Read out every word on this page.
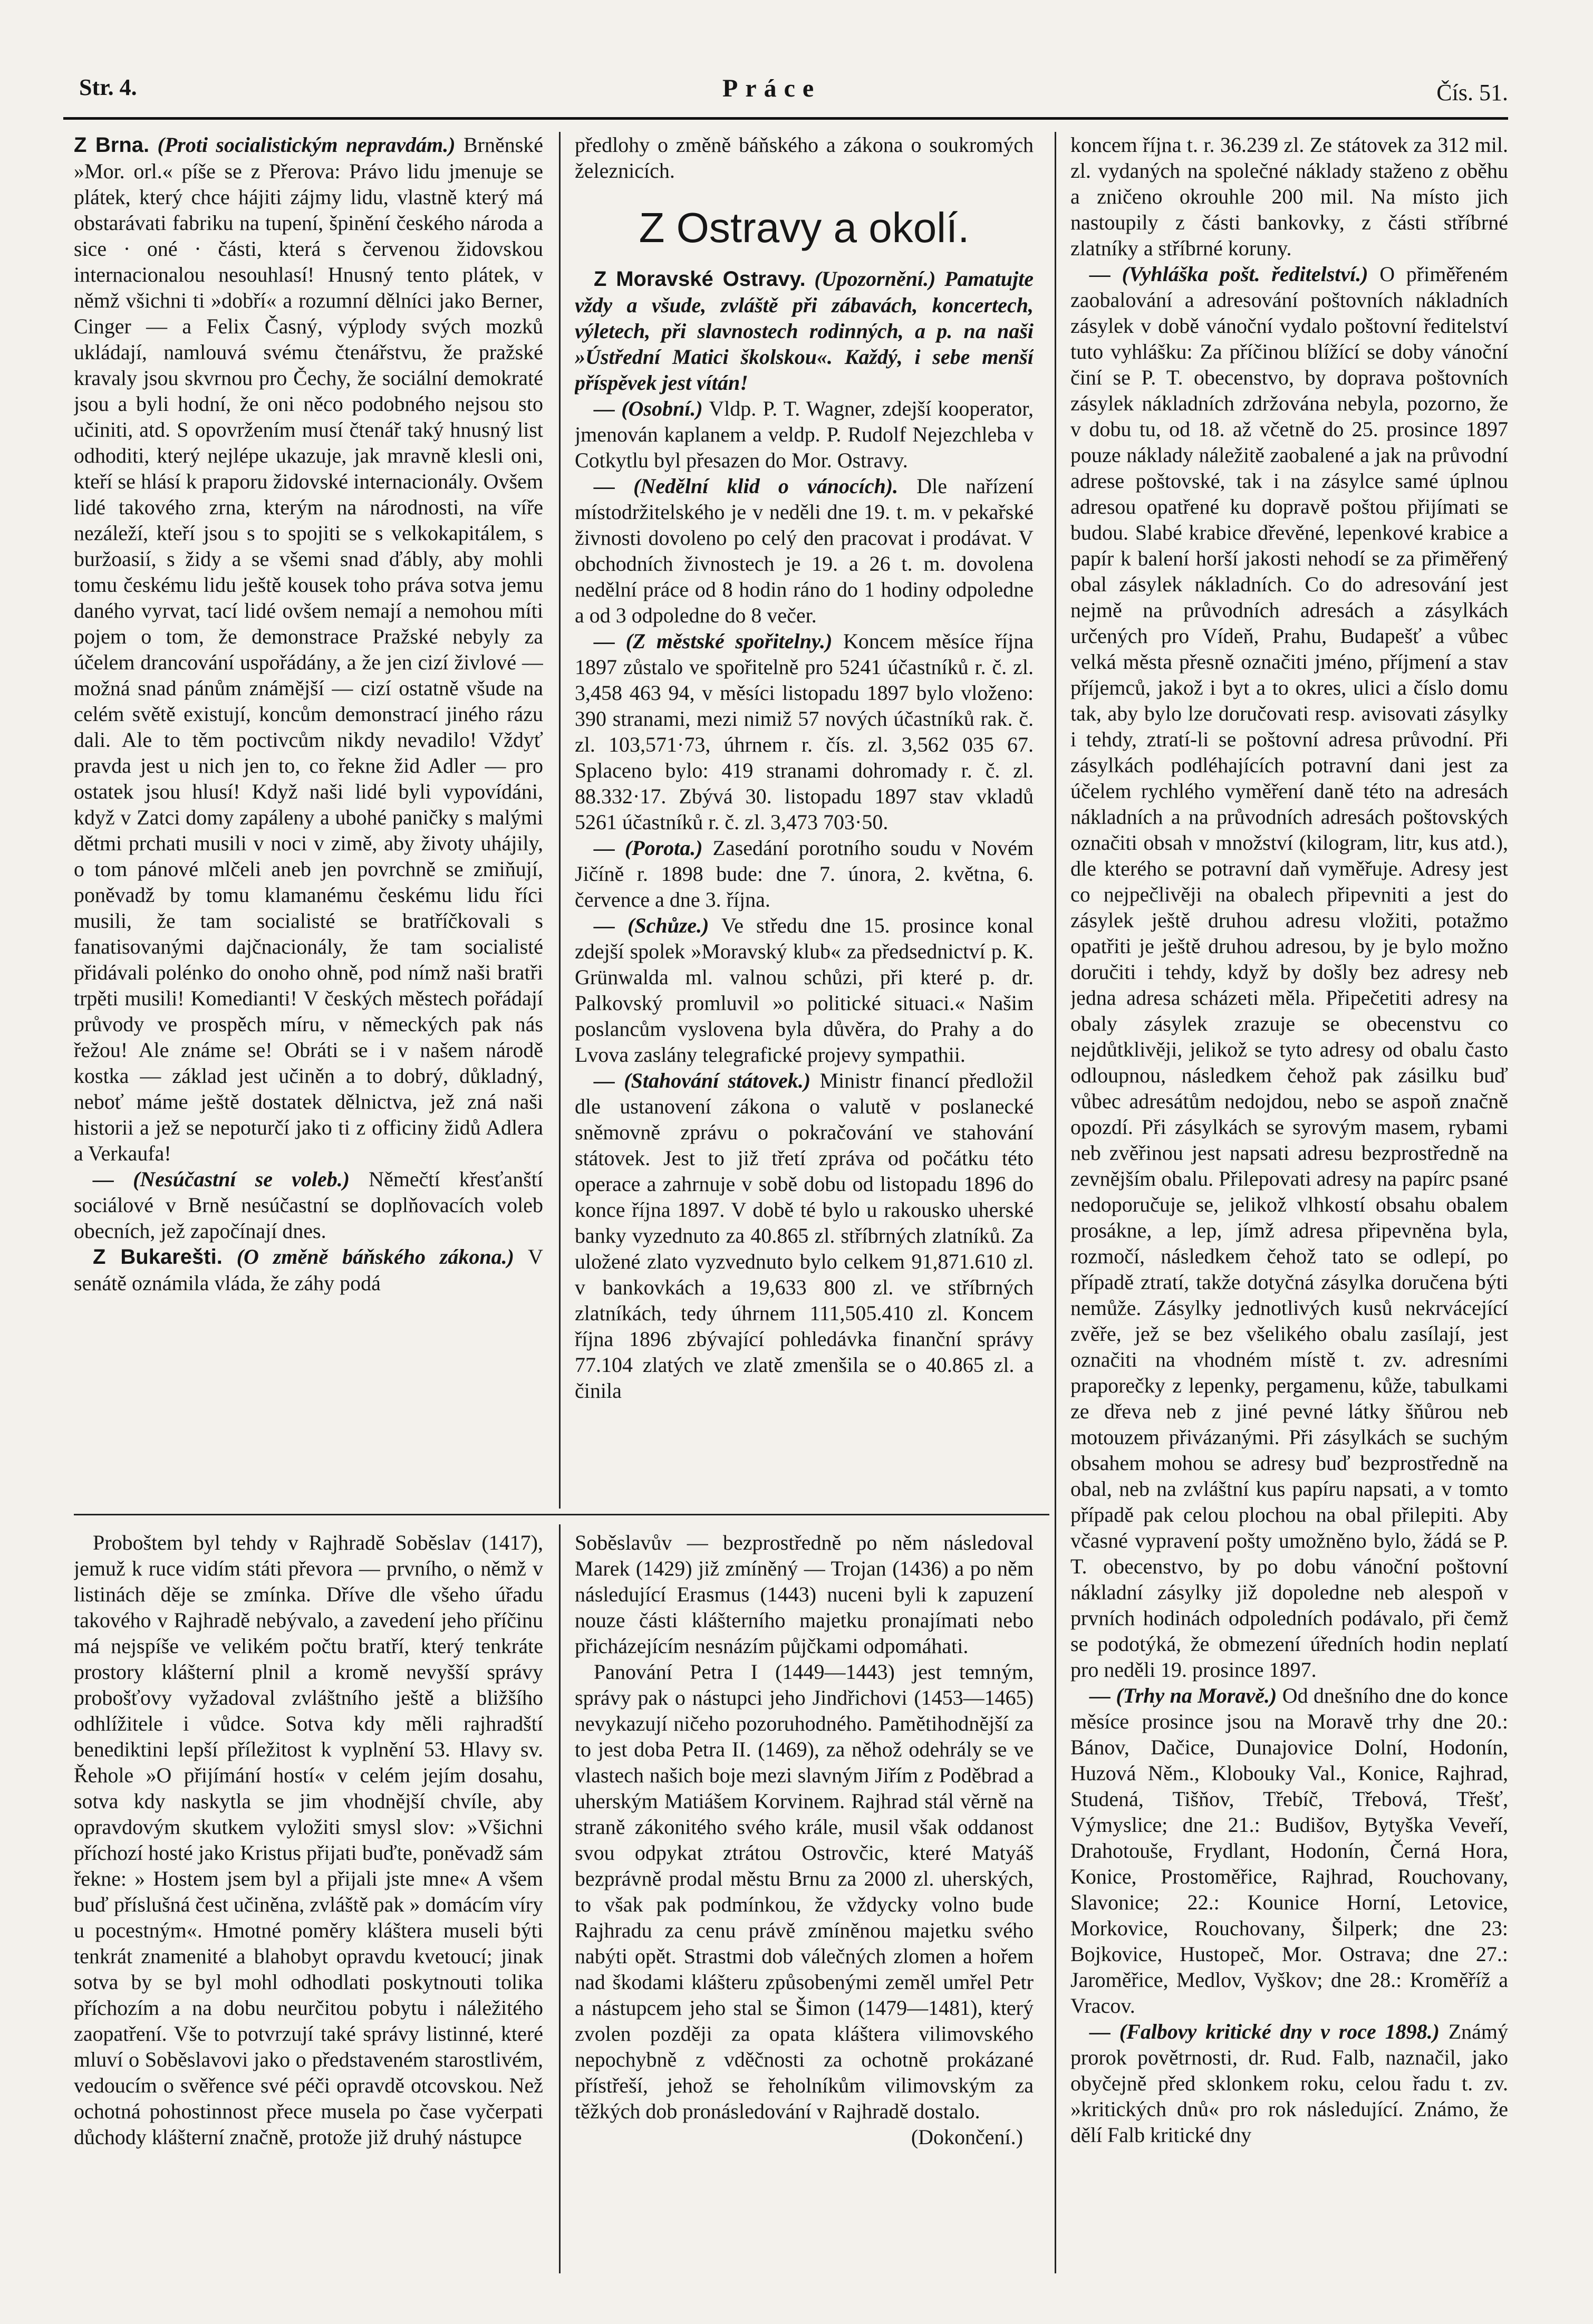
Str. 4.	Práce	Čís. 51.

Z Brna. (Proti socialistickým nepravdám.) Brněnské »Mor. orl.« píše se z Přerova: Právo lidu jmenuje se plátek, který chce hájiti zájmy lidu, vlastně který má obstarávati fabriku na tupení, špinění českého národa a sice · oné · části, která s červenou židovskou internacionalou nesouhlasí! Hnusný tento plátek, v němž všichni ti »dobří« a rozumní dělníci jako Berner, Cinger — a Felix Časný, výplody svých mozků ukládají, namlouvá svému čtenářstvu, že pražské kravaly jsou skvrnou pro Čechy, že sociální demokraté jsou a byli hodní, že oni něco podobného nejsou sto učiniti, atd. S opovržením musí čtenář taký hnusný list odhoditi, který nejlépe ukazuje, jak mravně klesli oni, kteří se hlásí k praporu židovské internacionály. Ovšem lidé takového zrna, kterým na národnosti, na víře nezáleží, kteří jsou s to spojiti se s velkokapitálem, s buržoasií, s židy a se všemi snad ďábly, aby mohli tomu českému lidu ještě kousek toho práva sotva jemu daného vyrvat, tací lidé ovšem nemají a nemohou míti pojem o tom, že demonstrace Pražské nebyly za účelem drancování uspořádány, a že jen cizí živlové — možná snad pánům známější — cizí ostatně všude na celém světě existují, koncům demonstrací jiného rázu dali. Ale to těm poctivcům nikdy nevadilo! Vždyť pravda jest u nich jen to, co řekne žid Adler — pro ostatek jsou hlusí! Když naši lidé byli vypovídáni, když v Zatci domy zapáleny a ubohé paničky s malými dětmi prchati musili v noci v zimě, aby životy uhájily, o tom pánové mlčeli aneb jen povrchně se zmiňují, poněvadž by tomu klamanému českému lidu říci musili, že tam socialisté se bratříčkovali s fanatisovanými dajčnacionály, že tam socialisté přidávali polénko do onoho ohně, pod nímž naši bratři trpěti musili! Komedianti! V českých městech pořádají průvody ve prospěch míru, v německých pak nás řežou! Ale známe se! Obráti se i v našem národě kostka — základ jest učiněn a to dobrý, důkladný, neboť máme ještě dostatek dělnictva, jež zná naši historii a jež se nepoturčí jako ti z officiny židů Adlera a Verkaufa!

— (Nesúčastní se voleb.) Němečtí křesťanští sociálové v Brně nesúčastní se doplňovacích voleb obecních, jež započínají dnes.

Z Bukarešti. (O změně báňského zákona.) V senátě oznámila vláda, že záhy podá

předlohy o změně báňského a zákona o soukromých železnicích.

Z Ostravy a okolí.

Z Moravské Ostravy. (Upozornění.) Pamatujte vždy a všude, zvláště při zábavách, koncertech, výletech, při slavnostech rodinných, a p. na naši »Ústřední Matici školskou«. Každý, i sebe menší příspěvek jest vítán!

— (Osobní.) Vldp. P. T. Wagner, zdejší kooperator, jmenován kaplanem a veldp. P. Rudolf Nejezchleba v Cotkytlu byl přesazen do Mor. Ostravy.

— (Nedělní klid o vánocích). Dle nařízení místodržitelského je v neděli dne 19. t. m. v pekařské živnosti dovoleno po celý den pracovat i prodávat. V obchodních živnostech je 19. a 26 t. m. dovolena nedělní práce od 8 hodin ráno do 1 hodiny odpoledne a od 3 odpoledne do 8 večer.

— (Z městské spořitelny.) Koncem měsíce října 1897 zůstalo ve spořitelně pro 5241 účastníků r. č. zl. 3,458 463 94, v měsíci listopadu 1897 bylo vloženo: 390 stranami, mezi nimiž 57 nových účastníků rak. č. zl. 103,571·73, úhrnem r. čís. zl. 3,562 035 67. Splaceno bylo: 419 stranami dohromady r. č. zl. 88.332·17. Zbývá 30. listopadu 1897 stav vkladů 5261 účastníků r. č. zl. 3,473 703·50.

— (Porota.) Zasedání porotního soudu v Novém Jičíně r. 1898 bude: dne 7. února, 2. května, 6. července a dne 3. října.

— (Schůze.) Ve středu dne 15. prosince konal zdejší spolek »Moravský klub« za předsednictví p. K. Grünwalda ml. valnou schůzi, při které p. dr. Palkovský promluvil »o politické situaci.« Našim poslancům vyslovena byla důvěra, do Prahy a do Lvova zaslány telegrafické projevy sympathii.

— (Stahování státovek.) Ministr financí předložil dle ustanovení zákona o valutě v poslanecké sněmovně zprávu o pokračování ve stahování státovek. Jest to již třetí zpráva od počátku této operace a zahrnuje v sobě dobu od listopadu 1896 do konce října 1897. V době té bylo u rakousko uherské banky vyzednuto za 40.865 zl. stříbrných zlatníků. Za uložené zlato vyzvednuto bylo celkem 91,871.610 zl. v bankovkách a 19,633 800 zl. ve stříbrných zlatníkách, tedy úhrnem 111,505.410 zl. Koncem října 1896 zbývající pohledávka finanční správy 77.104 zlatých ve zlatě zmenšila se o 40.865 zl. a činila

koncem října t. r. 36.239 zl. Ze státovek za 312 mil. zl. vydaných na společné náklady staženo z oběhu a zničeno okrouhle 200 mil. Na místo jich nastoupily z části bankovky, z části stříbrné zlatníky a stříbrné koruny.

— (Vyhláška pošt. ředitelství.) O přiměřeném zaobalování a adresování poštovních nákladních zásylek v době vánoční vydalo poštovní ředitelství tuto vyhlášku: Za příčinou blížící se doby vánoční činí se P. T. obecenstvo, by doprava poštovních zásylek nákladních zdržována nebyla, pozorno, že v dobu tu, od 18. až včetně do 25. prosince 1897 pouze náklady náležitě zaobalené a jak na průvodní adrese poštovské, tak i na zásylce samé úplnou adresou opatřené ku dopravě poštou přijímati se budou. Slabé krabice dřevěné, lepenkové krabice a papír k balení horší jakosti nehodí se za přiměřený obal zásylek nákladních. Co do adresování jest nejmě na průvodních adresách a zásylkách určených pro Vídeň, Prahu, Budapešť a vůbec velká města přesně označiti jméno, příjmení a stav příjemců, jakož i byt a to okres, ulici a číslo domu tak, aby bylo lze doručovati resp. avisovati zásylky i tehdy, ztratí-li se poštovní adresa průvodní. Při zásylkách podléhajících potravní dani jest za účelem rychlého vyměření daně této na adresách nákladních a na průvodních adresách poštovských označiti obsah v množství (kilogram, litr, kus atd.), dle kterého se potravní daň vyměřuje. Adresy jest co nejpečlivěji na obalech připevniti a jest do zásylek ještě druhou adresu vložiti, potažmo opatřiti je ještě druhou adresou, by je bylo možno doručiti i tehdy, když by došly bez adresy neb jedna adresa scházeti měla. Připečetiti adresy na obaly zásylek zrazuje se obecenstvu co nejdůtklivěji, jelikož se tyto adresy od obalu často odloupnou, následkem čehož pak zásilku buď vůbec adresátům nedojdou, nebo se aspoň značně opozdí. Při zásylkách se syrovým masem, rybami neb zvěřinou jest napsati adresu bezprostředně na zevnějším obalu. Přilepovati adresy na papírc psané nedoporučuje se, jelikož vlhkostí obsahu obalem prosákne, a lep, jímž adresa připevněna byla, rozmočí, následkem čehož tato se odlepí, po případě ztratí, takže dotyčná zásylka doručena býti nemůže. Zásylky jednotlivých kusů nekrvácející zvěře, jež se bez všelikého obalu zasílají, jest označiti na vhodném místě t. zv. adresními praporečky z lepenky, pergamenu, kůže, tabulkami ze dřeva neb z jiné pevné látky šňůrou neb motouzem přivázanými. Při zásylkách se suchým obsahem mohou se adresy buď bezprostředně na obal, neb na zvláštní kus papíru napsati, a v tomto případě pak celou plochou na obal přilepiti. Aby včasné vypravení pošty umožněno bylo, žádá se P. T. obecenstvo, by po dobu vánoční poštovní nákladní zásylky již dopoledne neb alespoň v prvních hodinách odpoledních podávalo, při čemž se podotýká, že obmezení úředních hodin neplatí pro neděli 19. prosince 1897.

— (Trhy na Moravě.) Od dnešního dne do konce měsíce prosince jsou na Moravě trhy dne 20.: Bánov, Dačice, Dunajovice Dolní, Hodonín, Huzová Něm., Klobouky Val., Konice, Rajhrad, Studená, Tišňov, Třebíč, Třebová, Třešť, Výmyslice; dne 21.: Budišov, Bytyška Veveří, Drahotouše, Frydlant, Hodonín, Černá Hora, Konice, Prostoměřice, Rajhrad, Rouchovany, Slavonice; 22.: Kounice Horní, Letovice, Morkovice, Rouchovany, Šilperk; dne 23: Bojkovice, Hustopeč, Mor. Ostrava; dne 27.: Jaroměřice, Medlov, Vyškov; dne 28.: Kroměříž a Vracov.

— (Falbovy kritické dny v roce 1898.) Známý prorok povětrnosti, dr. Rud. Falb, naznačil, jako obyčejně před sklonkem roku, celou řadu t. zv. »kritických dnů« pro rok následující. Známo, že dělí Falb kritické dny

Proboštem byl tehdy v Rajhradě Soběslav (1417), jemuž k ruce vidím státi převora — prvního, o němž v listinách děje se zmínka. Dříve dle všeho úřadu takového v Rajhradě nebývalo, a zavedení jeho příčinu má nejspíše ve velikém počtu bratří, který tenkráte prostory klášterní plnil a kromě nevyšší správy probošťovy vyžadoval zvláštního ještě a bližšího odhlížitele i vůdce. Sotva kdy měli rajhradští benediktini lepší příležitost k vyplnění 53. Hlavy sv. Řehole »O přijímání hostí« v celém jejím dosahu, sotva kdy naskytla se jim vhodnější chvíle, aby opravdovým skutkem vyložiti smysl slov: »Všichni příchozí hosté jako Kristus přijati buďte, poněvadž sám řekne: » Hostem jsem byl a přijali jste mne« A všem buď příslušná čest učiněna, zvláště pak » domácím víry u pocestným«. Hmotné poměry kláštera museli býti tenkrát znamenité a blahobyt opravdu kvetoucí; jinak sotva by se byl mohl odhodlati poskytnouti tolika příchozím a na dobu neurčitou pobytu i náležitého zaopatření. Vše to potvrzují také správy listinné, které mluví o Soběslavovi jako o představeném starostlivém, vedoucím o svěřence své péči opravdě otcovskou. Než ochotná pohostinnost přece musela po čase vyčerpati důchody klášterní značně, protože již druhý nástupce

Soběslavův — bezprostředně po něm následoval Marek (1429) již zmíněný — Trojan (1436) a po něm následující Erasmus (1443) nuceni byli k zapuzení nouze části klášterního majetku pronajímati nebo přicházejícím nesnázím půjčkami odpomáhati.

Panování Petra I (1449—1443) jest temným, správy pak o nástupci jeho Jindřichovi (1453—1465) nevykazují ničeho pozoruhodného. Pamětihodnější za to jest doba Petra II. (1469), za něhož odehrály se ve vlastech našich boje mezi slavným Jiřím z Poděbrad a uherským Matiášem Korvinem. Rajhrad stál věrně na straně zákonitého svého krále, musil však oddanost svou odpykat ztrátou Ostrovčic, které Matyáš bezprávně prodal městu Brnu za 2000 zl. uherských, to však pak podmínkou, že vždycky volno bude Rajhradu za cenu právě zmíněnou majetku svého nabýti opět. Strastmi dob válečných zlomen a hořem nad škodami klášteru způsobenými zeměl umřel Petr a nástupcem jeho stal se Šimon (1479—1481), který zvolen později za opata kláštera vilimovského nepochybně z vděčnosti za ochotně prokázané přístřeší, jehož se řeholníkům vilimovským za těžkých dob pronásledování v Rajhradě dostalo.

(Dokončení.)
